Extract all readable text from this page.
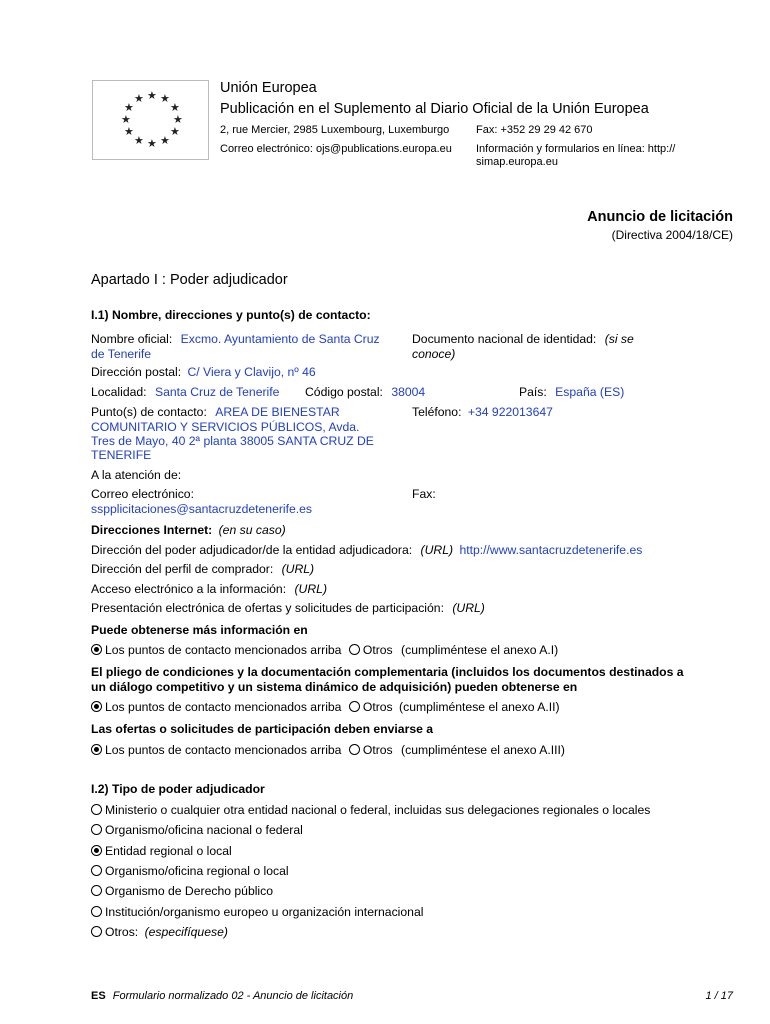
★ ★
★
★
★
★
★
★
★
★
★
★
Unión Europea
Publicación en el Suplemento al Diario Oficial de la Unión Europea
2, rue Mercier, 2985 Luxembourg, Luxemburgo Fax: +352 29 29 42 670
Correo electrónico: ojs@publications.europa.eu Información y formularios en línea: http://
simap.europa.eu
Anuncio de licitación
(Directiva 2004/18/CE)
Apartado I : Poder adjudicador
I.1) Nombre, direcciones y punto(s) de contacto:
Nombre oficial: Excmo. Ayuntamiento de Santa Cruz
de Tenerife
Documento nacional de identidad: (si se
conoce)
Dirección postal: C/ Viera y Clavijo, nº 46
Localidad: Santa Cruz de Tenerife Código postal: 38004	País: España (ES)
Punto(s) de contacto: AREA DE BIENESTAR
COMUNITARIO Y SERVICIOS PÚBLICOS, Avda.
Tres de Mayo, 40 2ª planta 38005 SANTA CRUZ DE
TENERIFE
Teléfono: +34 922013647
A la atención de:
Correo electrónico:
sspplicitaciones@santacruzdetenerife.es
Fax:
Direcciones Internet: (en su caso)
Dirección del poder adjudicador/de la entidad adjudicadora: (URL) http://www.santacruzdetenerife.es
Dirección del perfil de comprador: (URL)
Acceso electrónico a la información: (URL)
Presentación electrónica de ofertas y solicitudes de participación: (URL)
Puede obtenerse más información en
Los puntos de contacto mencionados arriba Otros (cumpliméntese el anexo A.I)
El pliego de condiciones y la documentación complementaria (incluidos los documentos destinados a
un diálogo competitivo y un sistema dinámico de adquisición) pueden obtenerse en
Los puntos de contacto mencionados arriba Otros (cumpliméntese el anexo A.II)
Las ofertas o solicitudes de participación deben enviarse a
Los puntos de contacto mencionados arriba Otros (cumpliméntese el anexo A.III)
I.2) Tipo de poder adjudicador
Ministerio o cualquier otra entidad nacional o federal, incluidas sus delegaciones regionales o locales
Organismo/oficina nacional o federal
Entidad regional o local
Organismo/oficina regional o local
Organismo de Derecho público
Institución/organismo europeo u organización internacional
Otros: (especifíquese)
ES Formulario normalizado 02 - Anuncio de licitación	1 / 17
